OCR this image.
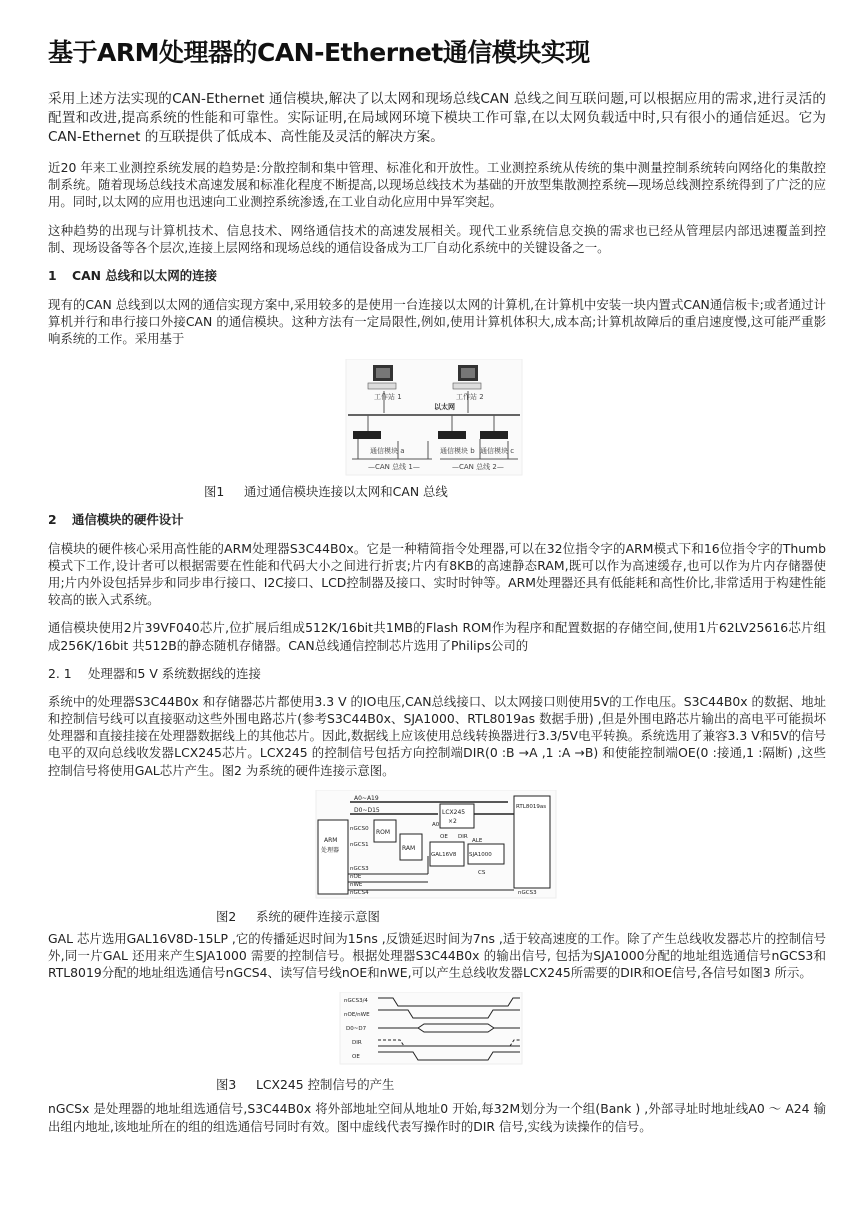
基于ARM处理器的CAN-Ethernet通信模块实现
采用上述方法实现的CAN-Ethernet 通信模块,解决了以太网和现场总线CAN 总线之间互联问题,可以根据应用的需求,进行灵活的配置和改进,提高系统的性能和可靠性。实际证明,在局域网环境下模块工作可靠,在以太网负载适中时,只有很小的通信延迟。它为CAN-Ethernet 的互联提供了低成本、高性能及灵活的解决方案。
近20 年来工业测控系统发展的趋势是:分散控制和集中管理、标准化和开放性。工业测控系统从传统的集中测量控制系统转向网络化的集散控制系统。随着现场总线技术高速发展和标准化程度不断提高,以现场总线技术为基础的开放型集散测控系统—现场总线测控系统得到了广泛的应用。同时,以太网的应用也迅速向工业测控系统渗透,在工业自动化应用中异军突起。
这种趋势的出现与计算机技术、信息技术、网络通信技术的高速发展相关。现代工业系统信息交换的需求也已经从管理层内部迅速覆盖到控制、现场设备等各个层次,连接上层网络和现场总线的通信设备成为工厂自动化系统中的关键设备之一。
1 CAN 总线和以太网的连接
现有的CAN 总线到以太网的通信实现方案中,采用较多的是使用一台连接以太网的计算机,在计算机中安装一块内置式CAN通信板卡;或者通过计算机并行和串行接口外接CAN 的通信模块。这种方法有一定局限性,例如,使用计算机体积大,成本高;计算机故障后的重启速度慢,这可能严重影响系统的工作。采用基于
工作站 1	工作站 2
以太网
通信模块 a	通信模块 b 通信模块 c
—CAN 总线 1—	—CAN 总线 2—
图1 通过通信模块连接以太网和CAN 总线
2 通信模块的硬件设计
信模块的硬件核心采用高性能的ARM处理器S3C44B0x。它是一种精简指令处理器,可以在32位指令字的ARM模式下和16位指令字的Thumb模式下工作,设计者可以根据需要在性能和代码大小之间进行折衷;片内有8KB的高速静态RAM,既可以作为高速缓存,也可以作为片内存储器使用;片内外设包括异步和同步串行接口、I2C接口、LCD控制器及接口、实时时钟等。ARM处理器还具有低能耗和高性价比,非常适用于构建性能较高的嵌入式系统。
通信模块使用2片39VF040芯片,位扩展后组成512K/16bit共1MB的Flash ROM作为程序和配置数据的存储空间,使用1片62LV25616芯片组成256K/16bit 共512B的静态随机存储器。CAN总线通信控制芯片选用了Philips公司的
2. 1 处理器和5 V 系统数据线的连接
系统中的处理器S3C44B0x 和存储器芯片都使用3.3 V 的IO电压,CAN总线接口、以太网接口则使用5V的工作电压。S3C44B0x 的数据、地址和控制信号线可以直接驱动这些外围电路芯片(参考S3C44B0x、SJA1000、RTL8019as 数据手册) ,但是外围电路芯片输出的高电平可能损坏处理器和直接挂接在处理器数据线上的其他芯片。因此,数据线上应该使用总线转换器进行3.3/5V电平转换。系统选用了兼容3.3 V和5V的信号电平的双向总线收发器LCX245芯片。LCX245 的控制信号包括方向控制端DIR(0 :B →A ,1 :A →B) 和使能控制端OE(0 :接通,1 :隔断) ,这些控制信号将使用GAL芯片产生。图2 为系统的硬件连接示意图。
A0~A19
D0~D15	LCX245
×2
RTL8019as
ARM
处理器
nGCS0
nGCS1
ROM
RAM
A0
OE DIR
GAL16V8
ALE
SJA1000
CS
nGCS3
nOE
nWE
nGCS4	nGCS3
图2 系统的硬件连接示意图
GAL 芯片选用GAL16V8D-15LP ,它的传播延迟时间为15ns ,反馈延迟时间为7ns ,适于较高速度的工作。除了产生总线收发器芯片的控制信号外,同一片GAL 还用来产生SJA1000 需要的控制信号。根据处理器S3C44B0x 的输出信号, 包括为SJA1000分配的地址组选通信号nGCS3和RTL8019分配的地址组选通信号nGCS4、读写信号线nOE和nWE,可以产生总线收发器LCX245所需要的DIR和OE信号,各信号如图3 所示。
nGCS3/4
nOE/nWE
D0~D7
DIR
OE
图3 LCX245 控制信号的产生
nGCSx 是处理器的地址组选通信号,S3C44B0x 将外部地址空间从地址0 开始,每32M划分为一个组(Bank ) ,外部寻址时地址线A0 ～ A24 输出组内地址,该地址所在的组的组选通信号同时有效。图中虚线代表写操作时的DIR 信号,实线为读操作的信号。
